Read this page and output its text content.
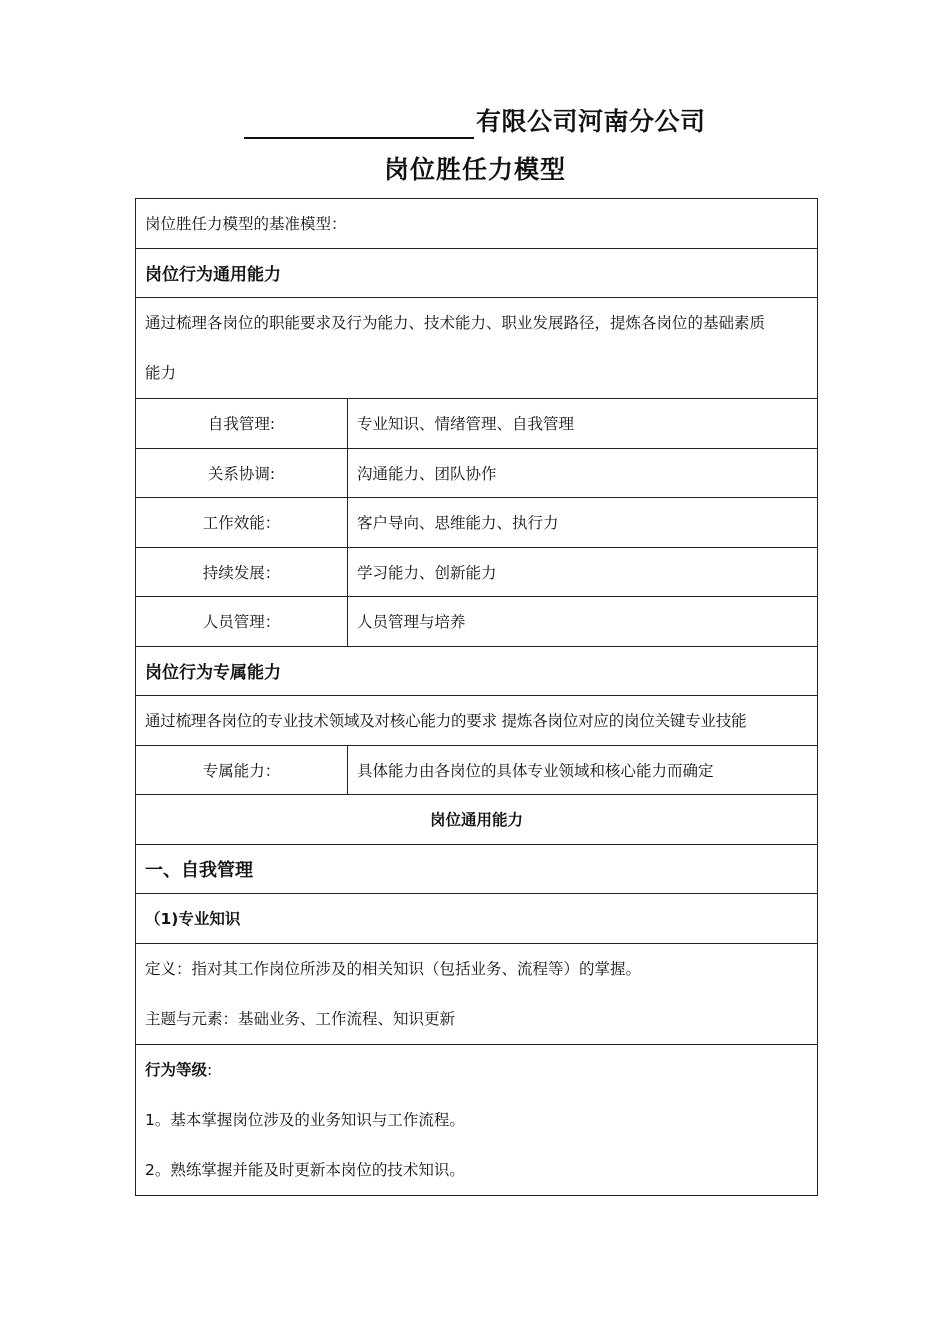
有限公司河南分公司
岗位胜任力模型
岗位胜任力模型的基准模型：	
岗位行为通用能力	

通过梳理各岗位的职能要求及行为能力、技术能力、职业发展路径，提炼各岗位的基础素质
能力	

自我管理:	专业知识、情绪管理、自我管理
关系协调:	沟通能力、团队协作
工作效能：	客户导向、思维能力、执行力
持续发展：	学习能力、创新能力
人员管理：	人员管理与培养
岗位行为专属能力	
通过梳理各岗位的专业技术领域及对核心能力的要求 提炼各岗位对应的岗位关键专业技能	
专属能力：	具体能力由各岗位的具体专业领域和核心能力而确定
岗位通用能力	
一、自我管理	
（1)专业知识	

定义：指对其工作岗位所涉及的相关知识（包括业务、流程等）的掌握。
主题与元素：基础业务、工作流程、知识更新	

行为等级:
1。基本掌握岗位涉及的业务知识与工作流程。
2。熟练掌握并能及时更新本岗位的技术知识。	
